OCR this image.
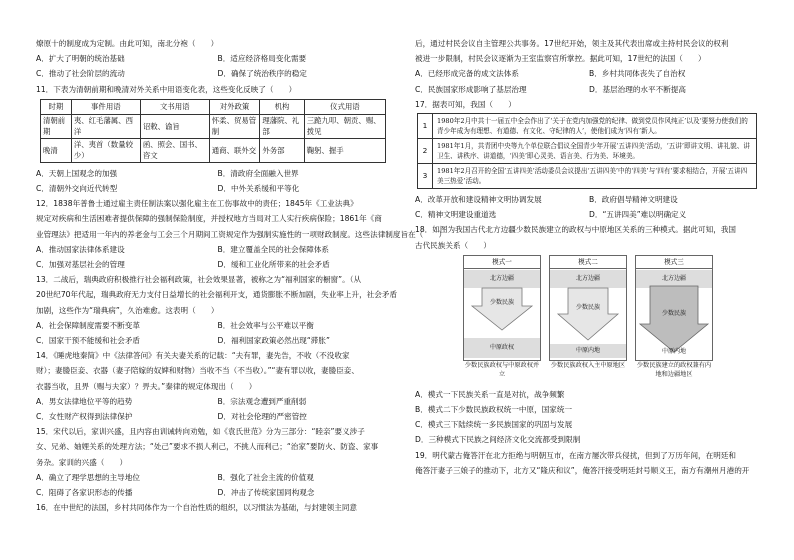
燎原十的制度成为定制。由此可知，南北分袍（　　）
A．扩大了明朝的统治基础	B．适应经济格局变化需要
C．推动了社会阶层的流动	D．确保了统治秩序的稳定
11．下表为清朝前期和晚清对外关系中用语变化表，这些变化反映了（　　）
时期	事件用语	文书用语	对外政策	机构	仪式用语
清朝前期	夷、红毛藩属、西洋	诏敕、谕旨	怀柔、贸易管制	理藩院、礼部	三跪九叩、朝贡、赐、拨见
晚清	洋、夷首（数量较少）	函、照会、国书、咨文	通商、联外交	外务部	鞠躬、握手
A．天朝上国观念的加强	B．清政府全面融入世界
C．清朝外交向近代转型	D．中外关系缓和平等化
12．1838年普鲁士通过雇主责任制法案以强化雇主在工伤事故中的责任；1845年《工业法典》
规定对疾病和生活困难者提供保障的强制保险制度，并授权地方当局对工人实行疾病保险；1861年《商
业管理法》把适用一年内的养老金与工会三个月期间工资规定作为强制实施性的一项财政制度。这些法律制度旨在（　　）
A．推动国家法律体系建设	B．建立覆盖全民的社会保障体系
C．加强对基层社会的管理	D．缓和工业化所带来的社会矛盾
13．二战后，瑞典政府积极推行社会福利政策，社会效果显著，被称之为“福利国家的橱窗”。（从
20世纪70年代起，瑞典政府无力支付日益增长的社会福利开支，通货膨胀不断加剧，失业率上升，社会矛盾
加剧，这些作为“瑞典病”，久治难愈。这表明（　　）
A．社会保障制度需要不断变革	B．社会效率与公平难以平衡
C．国家干预不能缓和社会矛盾	D．福利国家政策必然出现“滞胀”
14．《睡虎地秦简》中《法律答问》有关夫妻关系的记载：“夫有罪，妻先告，不收（不没收家
财）；妻媵臣妾、衣器（妻子陪嫁的奴婢和财物）当收不当（不当收）。”“妻有罪以收，妻媵臣妾、
衣器当收，且畀（赐与夫家）？畀夫。”秦律的规定体现出（　　）
A．男女法律地位平等的趋势	B．宗法观念遭到严重削弱
C．女性财产权得到法律保护	D．对社会伦理的严密管控
15．宋代以后，家训兴盛，且内容由训诫转向劝勉，如《袁氏世范》分为三部分：“睦亲”要义涉子
女、兄弟、妯娌关系的处理方法；“处己”要求不损人利己，不挑人而利己；“治家”要防火、防盗、家事
务杂。家训的兴盛（　　）
A．确立了理学思想的主导地位	B．强化了社会主流的价值观
C．阻碍了各家识形态的传播	D．冲击了传统家国同构观念
16．在中世纪的法国，乡村共同体作为一个自治性质的组织，以习惯法为基础，与封建领主同意
后，通过村民会议自主管理公共事务。17世纪开始，领主及其代表出席或主持村民会议的权利
被进一步限制，村民会议逐渐为王室监察官所掌控。据此可知，17世纪的法国（　　）
A．已经形成完备的成文法体系	B．乡村共同体丧失了自治权
C．民族国家形成影响了基层治理	D．基层治理的水平不断提高
17．据表可知，我国（　　）
1	1980年2月中共十一届五中全会作出了‘关于在党内加强党的纪律、做到党员作风纯正’以及‘要努力使我们的青少年成为有理想、有道德、有文化、守纪律的人’，使他们成为‘四有’新人。
2	1981年1月，共青团中央等九个单位联合倡议全国青少年开展‘五讲四美’活动，‘五讲’即讲文明、讲礼貌、讲卫生、讲秩序、讲道德，‘四美’即心灵美、语言美、行为美、环境美。
3	1981年2月召开的全国‘五讲四美’活动委员会议提出‘五讲四美’中的‘四美’与‘四有’要求相结合，开展‘五讲四美三热爱’活动。
A．改革开放和建设精神文明协调发展	B．政府倡导精神文明建设
C．精神文明建设重道选	D．“五讲四美”难以明确定义
18．如图为我国古代北方边疆少数民族建立的政权与中原地区关系的三种模式。据此可知，我国
古代民族关系（　　）
模式一
北方边疆
少数民族
中原政权
模式二
北方边疆
少数民族
中原内地
模式三
北方边疆
少数民族
中原内地
少数民族政权与中原政权并立
少数民族政权入主中原地区	少数民族建立的政权兼有内地和边疆地区
A．模式一下民族关系一直是对抗，战争频繁
B．模式二下少数民族政权统一中原，国家统一
C．模式三下陆续统一多民族国家的巩固与发展
D．三种模式下民族之间经济文化交流都受到限制
19．明代蒙古俺答汗在北方拒绝与明朝互市，在南方屡次带兵侵扰，但到了万历年间，在明廷和
俺答汗妻子三娘子的推动下，北方又“隆庆和议”，俺答汗接受明廷封号顺义王，南方有潮州月港的开
